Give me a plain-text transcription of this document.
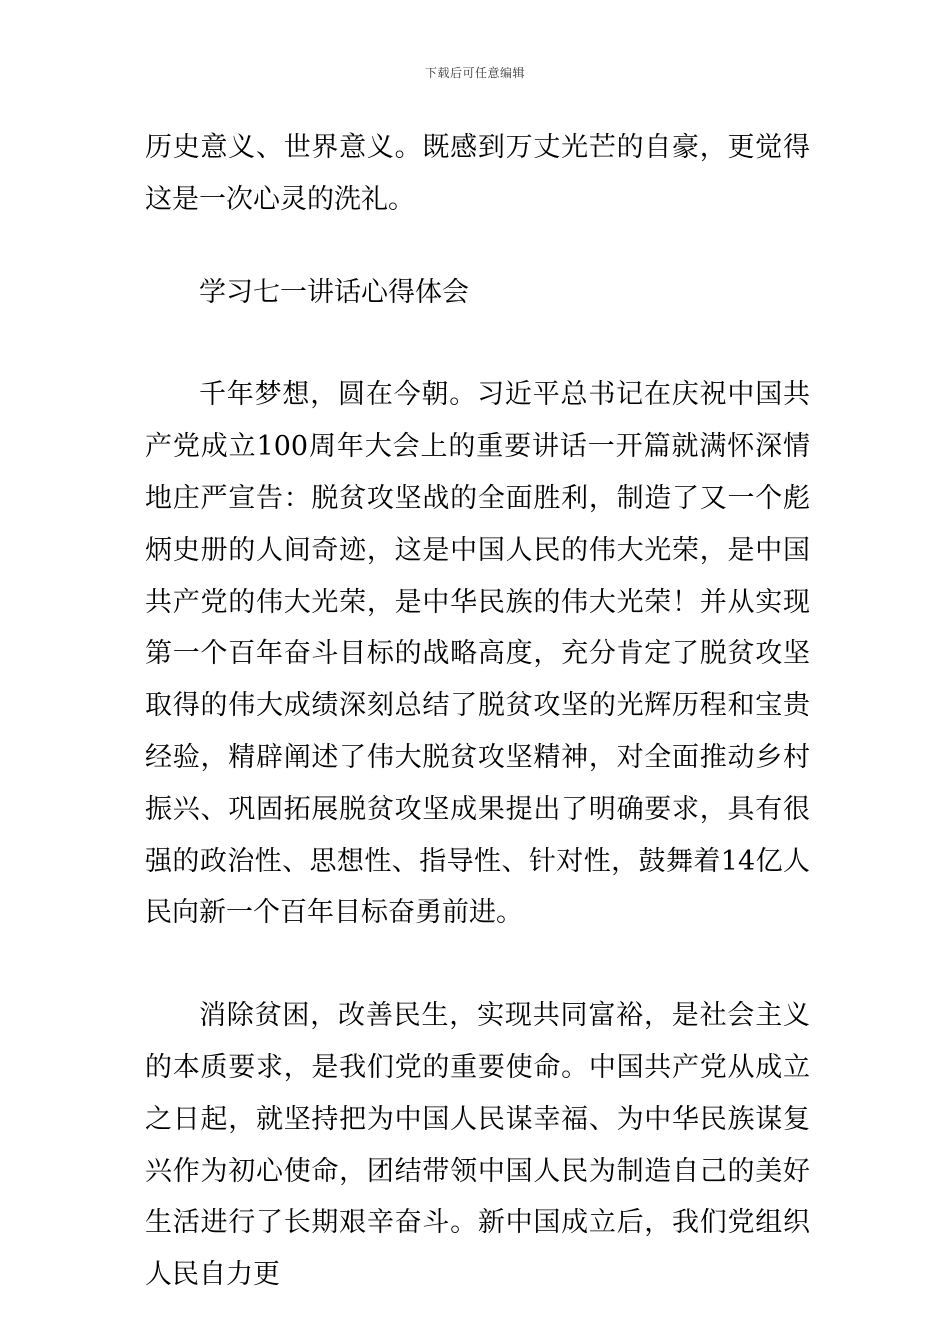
下载后可任意编辑

历史意义、世界意义。既感到万丈光芒的自豪，更觉得这是一次心灵的洗礼。

学习七一讲话心得体会

千年梦想，圆在今朝。习近平总书记在庆祝中国共产党成立100周年大会上的重要讲话一开篇就满怀深情地庄严宣告：脱贫攻坚战的全面胜利，制造了又一个彪炳史册的人间奇迹，这是中国人民的伟大光荣，是中国共产党的伟大光荣，是中华民族的伟大光荣！并从实现第一个百年奋斗目标的战略高度，充分肯定了脱贫攻坚取得的伟大成绩深刻总结了脱贫攻坚的光辉历程和宝贵经验，精辟阐述了伟大脱贫攻坚精神，对全面推动乡村振兴、巩固拓展脱贫攻坚成果提出了明确要求，具有很强的政治性、思想性、指导性、针对性，鼓舞着14亿人民向新一个百年目标奋勇前进。

消除贫困，改善民生，实现共同富裕，是社会主义的本质要求，是我们党的重要使命。中国共产党从成立之日起，就坚持把为中国人民谋幸福、为中华民族谋复兴作为初心使命，团结带领中国人民为制造自己的美好生活进行了长期艰辛奋斗。新中国成立后，我们党组织人民自力更
